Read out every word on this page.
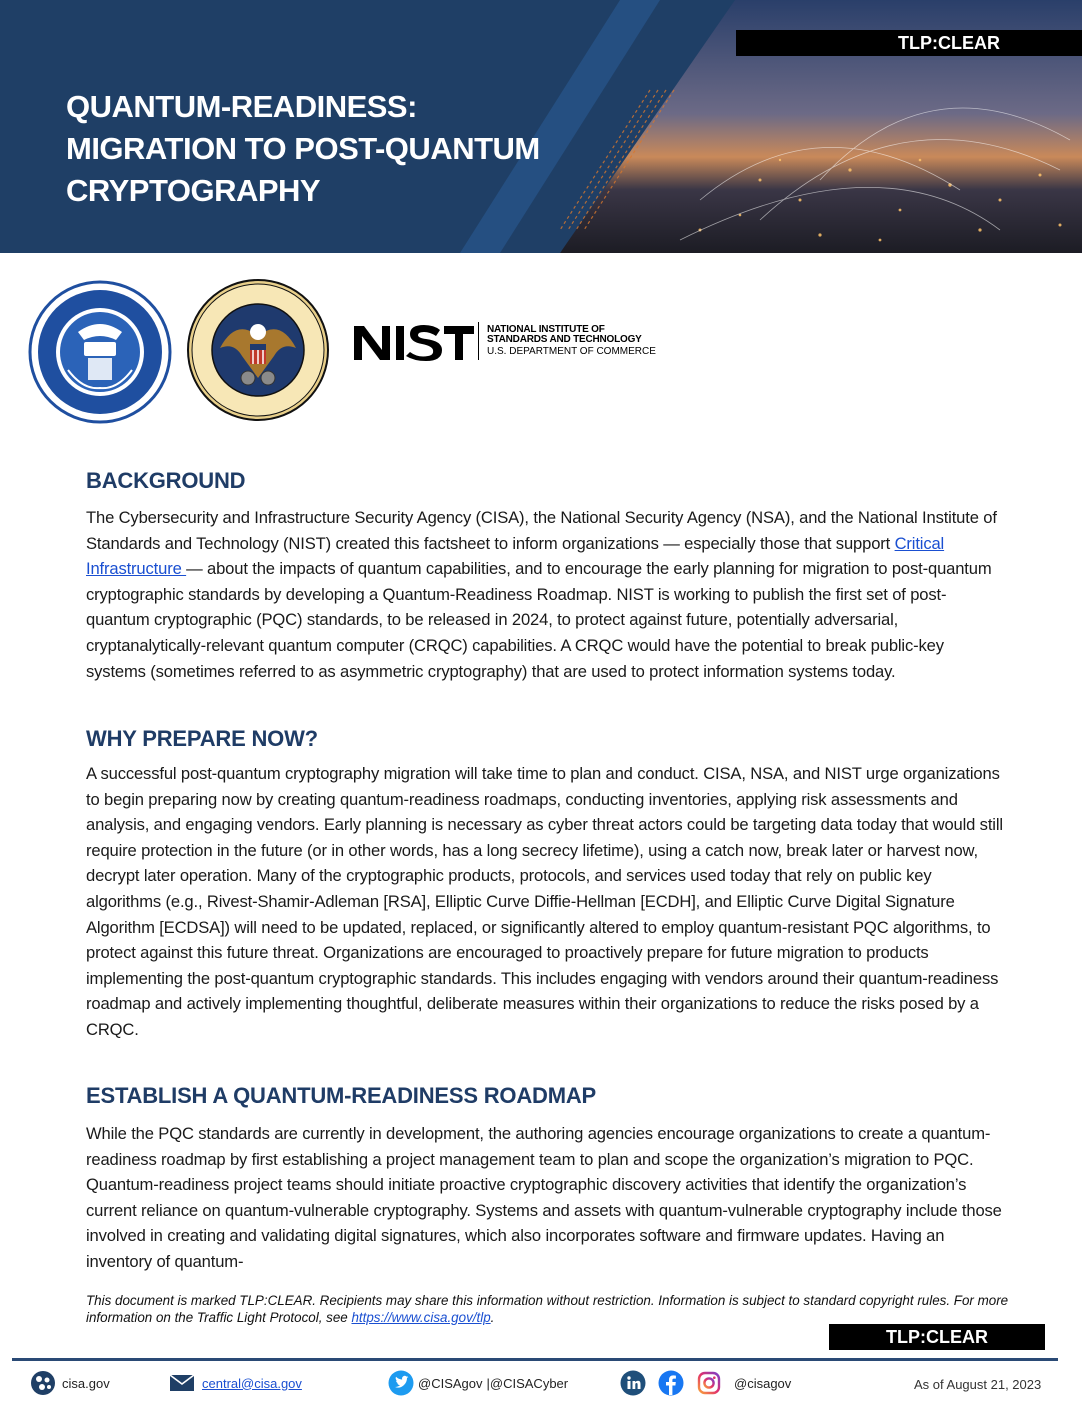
QUANTUM-READINESS:
MIGRATION TO POST-QUANTUM
CRYPTOGRAPHY
TLP:CLEAR
NATIONAL INSTITUTE OF
STANDARDS AND TECHNOLOGY
U.S. DEPARTMENT OF COMMERCE
BACKGROUND

The Cybersecurity and Infrastructure Security Agency (CISA), the National Security Agency (NSA), and the National Institute of Standards and Technology (NIST) created this factsheet to inform organizations — especially those that support Critical Infrastructure — about the impacts of quantum capabilities, and to encourage the early planning for migration to post-quantum cryptographic standards by developing a Quantum-Readiness Roadmap. NIST is working to publish the first set of post-quantum cryptographic (PQC) standards, to be released in 2024, to protect against future, potentially adversarial, cryptanalytically-relevant quantum computer (CRQC) capabilities. A CRQC would have the potential to break public-key systems (sometimes referred to as asymmetric cryptography) that are used to protect information systems today.

WHY PREPARE NOW?

A successful post-quantum cryptography migration will take time to plan and conduct. CISA, NSA, and NIST urge organizations to begin preparing now by creating quantum-readiness roadmaps, conducting inventories, applying risk assessments and analysis, and engaging vendors. Early planning is necessary as cyber threat actors could be targeting data today that would still require protection in the future (or in other words, has a long secrecy lifetime), using a catch now, break later or harvest now, decrypt later operation. Many of the cryptographic products, protocols, and services used today that rely on public key algorithms (e.g., Rivest-Shamir-Adleman [RSA], Elliptic Curve Diffie-Hellman [ECDH], and Elliptic Curve Digital Signature Algorithm [ECDSA]) will need to be updated, replaced, or significantly altered to employ quantum-resistant PQC algorithms, to protect against this future threat. Organizations are encouraged to proactively prepare for future migration to products implementing the post-quantum cryptographic standards. This includes engaging with vendors around their quantum-readiness roadmap and actively implementing thoughtful, deliberate measures within their organizations to reduce the risks posed by a CRQC.

ESTABLISH A QUANTUM-READINESS ROADMAP

While the PQC standards are currently in development, the authoring agencies encourage organizations to create a quantum-readiness roadmap by first establishing a project management team to plan and scope the organization’s migration to PQC. Quantum-readiness project teams should initiate proactive cryptographic discovery activities that identify the organization’s current reliance on quantum-vulnerable cryptography. Systems and assets with quantum-vulnerable cryptography include those involved in creating and validating digital signatures, which also incorporates software and firmware updates. Having an inventory of quantum-

This document is marked TLP:CLEAR. Recipients may share this information without restriction. Information is subject to standard copyright rules. For more information on the Traffic Light Protocol, see https://www.cisa.gov/tlp.
TLP:CLEAR
cisa.gov	central@cisa.gov	@CISAgov | @CISACyber	@cisagov	As of August 21, 2023
